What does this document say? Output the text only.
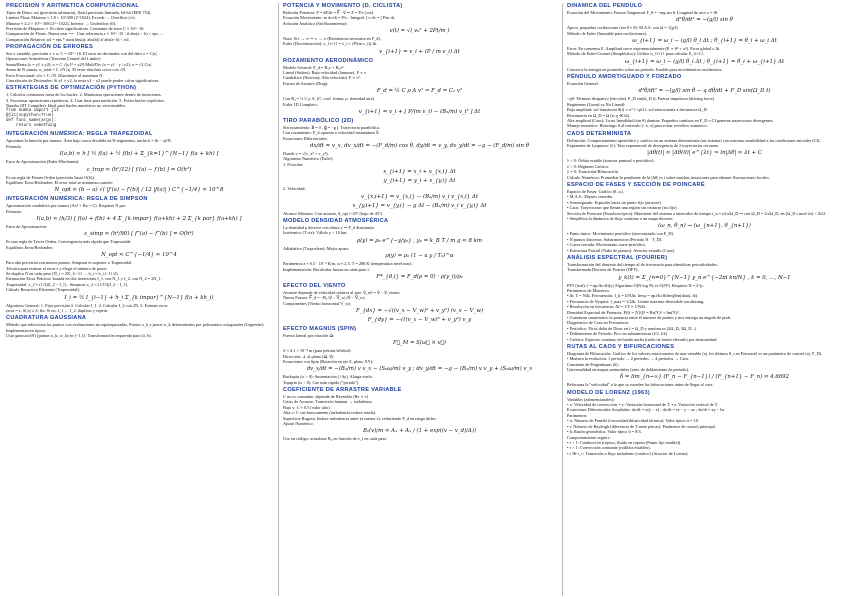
PRECISIÓN Y ARITMÉTICA COMPUTACIONAL
Tipos de Datos: int (precisión arbitraria), float (precisión limitada, 64-bit IEEE 754).
Límites Float: Máximo ≈ 1.8 × 10^308 (2^1024), Excede → Overflow (∞).
Mínimo ≈ 2.2 × 10^−308 (2^−1022), Inferior → Underflow (0).
Precisión de Máquina: ≈ 16 cifras significativas. Constante de error C ≈ 10^−16.
Comparación de Floats: Nunca usar == . Usar tolerancia ε ≈ 10^−15 ; if abs(a − b) < eps: ...
Comparación Relativa: tol = eps * max(abs(a), abs(b)) if abs(a−b) < tol.
PROPAGACIÓN DE ERRORES
Sea x variable, precisión x ± σ, C = 10^−16. El error en decimales con del dato σ = C|x|.
Operaciones Aritméticas (Teorema Central del Límite):
Suma/Resta (x = y1 ± y2): σ = C √(y1² + y2²) Mult/Div (x = y1 · y / y2): σ = √2 C|x|.
Suma de N sumas: σ_total = C √N |x|. El error absoluto crece con √N.
Error Fraccional: σ/x ≈ C √N. Disminuye al aumentar N.
Cancelación de Decimales: Si y1 ≈ y2, la resta y1 − y2 puede perder cifras significativas.
ESTRATEGIAS DE OPTIMIZACIÓN (PYTHON)
1. Cálculos constantes fuera de los bucles. 2. Minimizar operaciones dentro de iteraciones.
3. Factorizar operaciones repetitivas. 4. Usar time para medición. 5. Evitar bucles explícitos.
Numba (JIT Compiler): Ideal para bucles numéricos no vectorizables.
from numba import jit
@jit(nopython=True)
def func_name(args):
return something
INTEGRACIÓN NUMÉRICA: REGLA TRAPEZOIDAL
Aproxima la función por tramos. Área bajo curva dividida en N segmentos, ancho h = (b − a)/N.
Fórmula:
I(a,b) ≈ h [ ½ f(a) + ½ f(b) + Σ_{k=1}^{N−1} f(a + kh) ]
Error de Aproximación (Euler-Maclaurin):
ε_trap ≈ (h²/12) [ f′(a) − f′(b) ] = O(h²)
Es un regla de Primer Orden (precisión hasta O(h)).
Equilibrio Error/Redondeo: El error total se minimiza cuando:
N_opt ≈ (b − a) √( |f′(a) − f′(b)| / 12 |f(a)| ) C^{−1/4} ≈ 10^8
INTEGRACIÓN NUMÉRICA: REGLA DE SIMPSON
Aproximación cuadrática por tramos (Ax² + Bx + C). Requiere N par.
Fórmula:
I(a,b) ≈ (h/3) [ f(a) + f(b) + 4 Σ_{k impar} f(a+kh) + 2 Σ_{k par} f(a+kh) ]
Error de Aproximación:
ε_simp ≈ (h⁴/90) [ f‴(a) − f‴(b) ] = O(h⁴)
Es una regla de Tercer Orden. Convergencia más rápida que Trapezoidal.
Equilibrio Error/Redondeo:
N_opt ≈ C^{−1/4} ≈ 10^4
Para alta precisión con menos puntos, Simpson es superior a Trapezoidal.
Técnica para estimar el error ε y elegir el número de pasos.
Se duplica N en cada paso (N_i = 2N_{i−1} → h_i = h_{i−1}/2).
Estimación Error Práctica: basada en dos iteraciones I_1, con N_1 y I_2, con N_2 = 2N_1.
Trapezoidal: ε_2 ≈ (1/3)(I_2 − I_1) . Simpson: ε_2 ≈ (1/15)(I_2 − I_1).
Cálculo Recursivo Eficiente (Trapezoidal):
I_i = ½ I_{i−1} + h_i Σ_{k impar}^{N−1} f(a + kh_i)
Algoritmo General: 1. Fijar precisión δ. Calcular I_1. 2. Calcular I_2 con 2N. 3. Estimar error.
error = ε. Si |ε| ≤ δ, fin. Si no, I_1 ← I_2, duplicar y repetir.
CUADRATURA GAUSSIANA
Método que selecciona los puntos con evaluaciones no equiespaciadas. Puntos x_k y pesos w_k determinados por polinomios ortogonales (Legendre). Implementación típica:
Usar gaussxw(N) (puntos x_k, w_k) en [−1,1]. Transformación requerida para [a, b].
POTENCIA Y MOVIMIENTO (D. CICLISTA)
Relación Potencia: P = dE/dt = F⃗ · v⃗ ⇒ F = P/v (cte).
Ecuación Movimiento: m dv/dt = P/v . Integral: ∫ v dv = ∫ P/m dt.
Solución Analítica (Sin Rozamiento):
v(t) = √( v₀² + 2Pt/m )
Nota: Si t → ∞ ⇒ v → ∞ (Resistencia necesaria en F_d).
Euler (Discretización): v_{i+1} = v_i + (P/(m v_i)) Δt
v_{i+1} = v_i + (P / m v_i) Δt
ROZAMIENTO AERODINÁMICO
Modelo General: F_d = B₁v + B₂v².
Lineal (Stokes): Baja velocidad (laminar). F ∝ v.
Cuadrático (Newton): Alta velocidad. F ∝ v².
Fuerza de Arrastre (Drag):
F_d = ½ C ρ A v² ⇒ F_d = C₂ v²
Con B₂ = ½ C ρ A. (C: coef. forma, ρ: densidad aire).
Euler 1D Completo:
v_{i+1} = v_i + [ P/(m v_i) − (B₂/m) v_i² ] Δt
TIRO PARABÓLICO (2D)
Sin rozamiento: a⃗ = 0 , g⃗ = −g ĵ. Trayectoria parabólica.
Con rozamiento: F_d opuesta a velocidad instantánea v⃗.
Ecuaciones Diferenciales:
dx/dt = v_x, dv_x/dt = −(F_d/m) cos θ, dy/dt = v_y, dv_y/dt = −g − (F_d/m) sin θ
Donde v = √(v_x² + v_y²).
Algoritmo Numérico (Euler):
1. Posición:
x_{i+1} = x_i + v_{x,i} Δt
y_{i+1} = y_i + v_{y,i} Δt
2. Velocidad:
v_{x,i+1} = v_{x,i} − (B₂/m) v_i v_{x,i} Δt
v_{y,i+1} = v_{y,i} − g Δt − (B₂/m) v_i v_{y,i} Δt
Alcance Máximo: Con arrastre, θ_opt ≈ 45° (bajo de 45°).
MODELO DENSIDAD ATMOSFÉRICA
La densidad ρ decrece con altura y ⇒ F_d disminuye.
Isotérmico (T cte): Válido y < 10 km.
ρ(y) = ρ₀ e^{−y/y₀} , y₀ = k_B T / m g ≈ 8 km
Adiabático (Troposfera): Mejor ajuste.
ρ(y) = ρ₀ (1 − a y / T₀)^α
Parámetros a ≈ 6.5 · 10⁻³ K/m, α ≈ 2.5, T = 288 K (temperatura nivel mar).
Implementación: Recalcular fuerza en cada paso i:
F*_{d,i} = F_d(ρ = 0) · ρ(y_i)/ρ₀
EFECTO DEL VIENTO
Arrastre depende de velocidad relativa al aire: v⃗_rel = v⃗ − v⃗_viento.
Nueva Fuerza: F⃗_d = −B₂ |v⃗ − V⃗_w| (v⃗ − V⃗_w).
Componentes (Viento horizontal V_w):
F_{dx} = −√((v_x − V_w)² + v_y²) (v_x − V_w)
F_{dy} = −√((v_x − V_w)² + v_y²) v_y
EFECTO MAGNUS (SPIN)
Fuerza lateral por rotación ω⃗:
F⃗_M = S(ω⃗ × v⃗)
S ≈ 4.1 × 10⁻⁴ m (para pelotas béisbol).
Dirección: ⊥ al plano (ω⃗, v⃗).
Ecuaciones con Spin (Rotación en eje Z, plano XY):
dv_x/dt = −(B₂/m) v v_x − (S₀ω/m) v_y ; dv_y/dt = −g − (B₂/m) v v_y + (S₀ω/m) v_x
Backspin (ω > 0): Sustentación (↑Ay). Alarga vuelo.
Topspin (ω < 0): Cae más rápido ("picado").
COEFICIENTE DE ARRASTRE VARIABLE
C no es constante, depende de Reynolds (Re ∝ v).
Crisis de Arrastre: Transición laminar → turbulenta.
Bajo v: C ≈ 0.5 (valor alto).
Alta v: C cae bruscamente (turbulencia reduce estela).
Superficie Rugosa: Induce turbulencia antes (a menor v), reduciendo F_d en rango útiles.
Ajuste Numérico:
B₂(v)/m ≈ A₁ + A₂ / (1 + exp((v − v_d)/Δ))
Uso en código: actualizar B₂ en función de v_i en cada paso.
DINÁMICA DEL PÉNDULO
Ecuación del Movimiento: Fuerza Tangencial F_θ = −mg sin θ. Longitud de arco s = lθ.
d²θ/dt² = −(g/l) sin θ
Aprox. pequeñas oscilaciones (sin θ ≈ θ): M.A.S. con Ω = √(g/l).
Método de Euler (Inestable para oscilaciones):
ω_{i+1} = ω_i − (g/l) θ_i Δt ; θ_{i+1} = θ_i + ω_i Δt
Error: En consenso E. Amplitud crece exponencialmente (E ∝ θ² + ω²). Error global o Δt.
Método de Euler-Cromer (Simpléctico): Utiliza ω_{i+1} para calcular θ_{i+1}:
ω_{i+1} = ω_i − (g/l) θ_i Δt ; θ_{i+1} = θ_i + ω_{i+1} Δt
Conserva la energía en promedio sobre un periodo. Estable para movimientos oscilatorios.
PÉNDULO AMORTIGUADO Y FORZADO
Ecuación General:
d²θ/dt² = −(g/l) sin θ − q dθ/dt + F_D sin(Ω_D t)
−qθ̇: Término disipativo (fricción). F_D sin(Ω_D t): Fuerza impulsora (driving force).
Regímenes (Lineal vs No Lineal):
Baja amplitud: sol transitoria θ(t) ∝ e^{−qt/2}; sol estacionaria a frecuencia Ω_D.
Resonancia en Ω_D ≈ Ω (si q ≪ Ω).
Alta amplitud (Caos): La no linealidad (sin θ) domina. Pequeños cambios en F_D o CI generan trayectorias divergentes.
Manejo numérico: Restringir θ al intervalo [−π, π] para evitar overflow numérico.
CAOS DETERMINISTA
Definición: Comportamiento aperiódico y caótico en un sistema determinista (un sistema) con extrema sensibilidad a las condiciones iniciales (CI).
Exponente de Lyapunov (λ): Tasa exponencial de divergencia de 2 trayectorias cercanas:
|Δθ(t)| ≈ |Δθ(0)| e^{λt} ⇒ ln|Δθ| ≈ λt + C
λ < 0: Órbita estable (atractor puntual o periódico).
λ > 0: Régimen Caótico.
λ = 0: Transición/Bifurcación.
Cálculo Numérico: Promediar la pendiente de ln |Δθ| vs t sobre muchas iteraciones para obtener fluctuaciones locales.
ESPACIO DE FASES Y SECCIÓN DE POINCARÉ
Espacio de Fases: Gráfico (θ, ω).
• M.A.S.: Elipses cerradas.
• Amortiguado: Espirales hacia un punto fijo (atractor).
• Caos: Trayectorias que llenan una región sin cruzarse (no fijo).
Sección de Poincaré (Estroboscópica): Muestrear del sistema a intervalos de tiempo t_n = n2π/Ω_D ⇒ con Ω_D = 2π/Ω_D, en (Ω_D t mod 2π) < Δt/2.
• Simplifica la dinámica de flujo continuo a un mapa discreto:
(ω_n, θ_n) → (ω_{n+1}, θ_{n+1})
• Punto único: Movimiento periódico (sincronizado con F_D).
• N puntos discretos: Subarmónicos (Periodo N · T_D).
• Curva cerrada: Movimiento cuasi-periódico.
• Estructura Fractal (Nube de puntos): Atractor extraño (Caos).
ANÁLISIS ESPECTRAL (FOURIER)
Transformación del dominio del tiempo al de frecuencia para identificar periodicidades.
Transformada Discreta de Fourier (DFT):
y_k(t) = Σ_{n=0}^{N−1} y_n e^{−2πi kn/N} , k = 0, …, N−1
FFT (real): f = np.fft.rfft(y) Algoritmo O(N log N) vs O(N²). Requiere N = 2^p.
Parámetros de Muestreo:
• Δt: T = NΔt. Frecuencias: f_k = k/NΔt; freqs = np.fft.rfftfreq(len(data), dt).
• Frecuencia de Nyquist: f_max = 1/2Δt. Límite máximo detectable sin aliasing.
• Resolución en frecuencia: Δf = 1/T = 1/NΔt.
Densidad Espectral de Potencia: P(f) = |Y(f)|² = Re(Y)² + Im(Y)².
• Cuantizan cuantitativo la potencia entre el número de puntos y nos entrega un ángulo de prob.
Diagnóstico de Caos en Frecuencia:
• Periódico: Picos delta de Dirac en f = Ω_D y armónicos (2Ω_D, 3Ω_D...).
• Doblamiento de Periodo: Pico en subarmónicas (f/2, f/4).
• Caótico: Espectro continuo de banda ancha (ruido de fondo elevado) por aleatoriedad.
RUTAS AL CAOS Y BIFURCACIONES
Diagrama de Bifurcación: Gráfico de los valores estacionarios de una variable (ej. los últimos θ_i en Poincaré) vs un parámetro de control (ej. F_D).
• Muestra la evolución. 1 período → 2 períodos → 4 períodos → Caos.
Constante de Feigenbaum (δ):
Universalidad en mapas unimodales (ratio de doblamiento de periodo).
δ = lim_{n→∞} (F_n − F_{n−1}) / (F_{n+1} − F_n) ≈ 4.6692
Relaciona la "velocidad" a la que se suceden las bifurcaciones antes de llegar al caos.
MODELO DE LORENZ (1963)
Variables (adimensionales):
• x: Velocidad de convección. • y: Variación horizontal de T. • z: Variación vertical de T.
Ecuaciones Diferenciales Acopladas: dx/dt = σ(y − x) ; dy/dt = rx − y − xz ; dz/dt = xy − bz
Parámetros:
• σ: Número de Prandtl (viscosidad/difusividad térmica). Valor típico σ = 10.
• r: Número de Rayleigh (diferencia de T entre placas). Parámetro de control principal.
• b: Razón geométrica. Valor típico b = 8/3.
Comportamiento según r:
• r < 1: Conducción (reposo, fluido en reposo (Punto fijo estable)).
• r > 1: Convección constante (rodillos estables).
• r ≫ r_c: Transición a flujo turbulento (caótico) (Atractor de Lorenz).
